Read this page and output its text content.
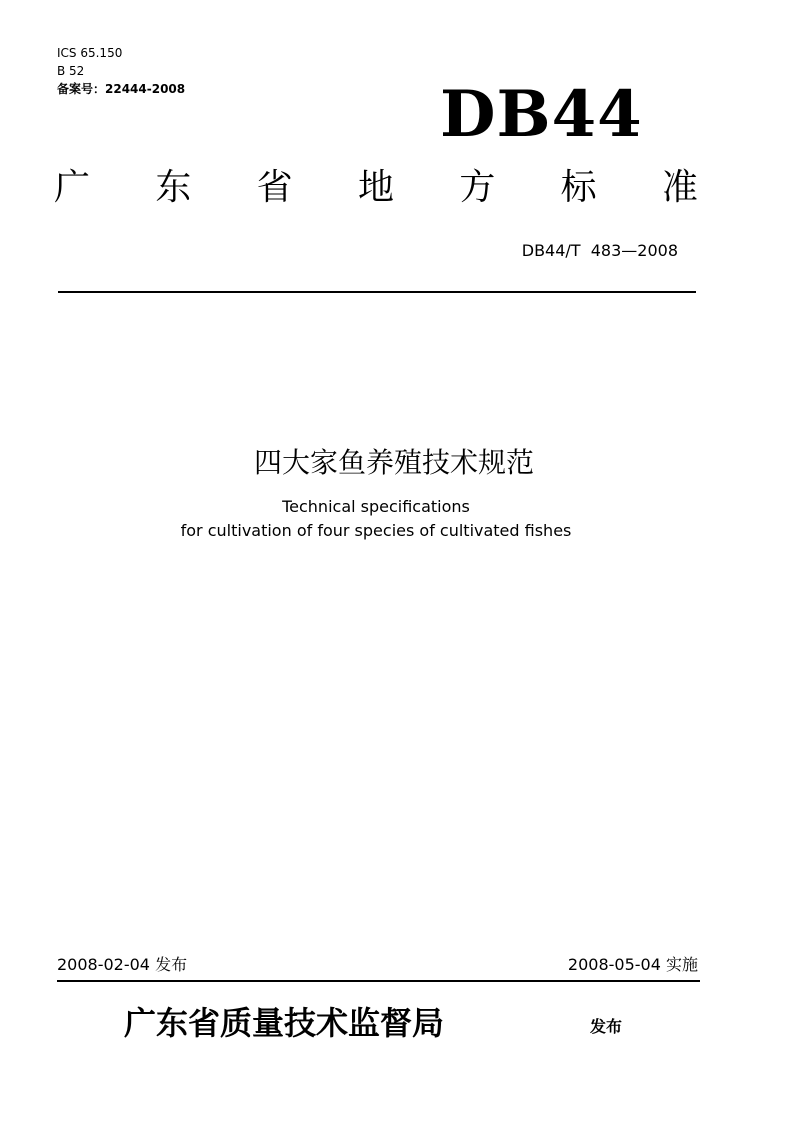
ICS 65.150
B 52
备案号：22444-2008	DB44
广 东 省 地 方 标 准
DB44/T  483—2008
四大家鱼养殖技术规范
Technical specifications
for cultivation of four species of cultivated fishes
2008-02-04 发布	2008-05-04 实施
广东省质量技术监督局	发布
